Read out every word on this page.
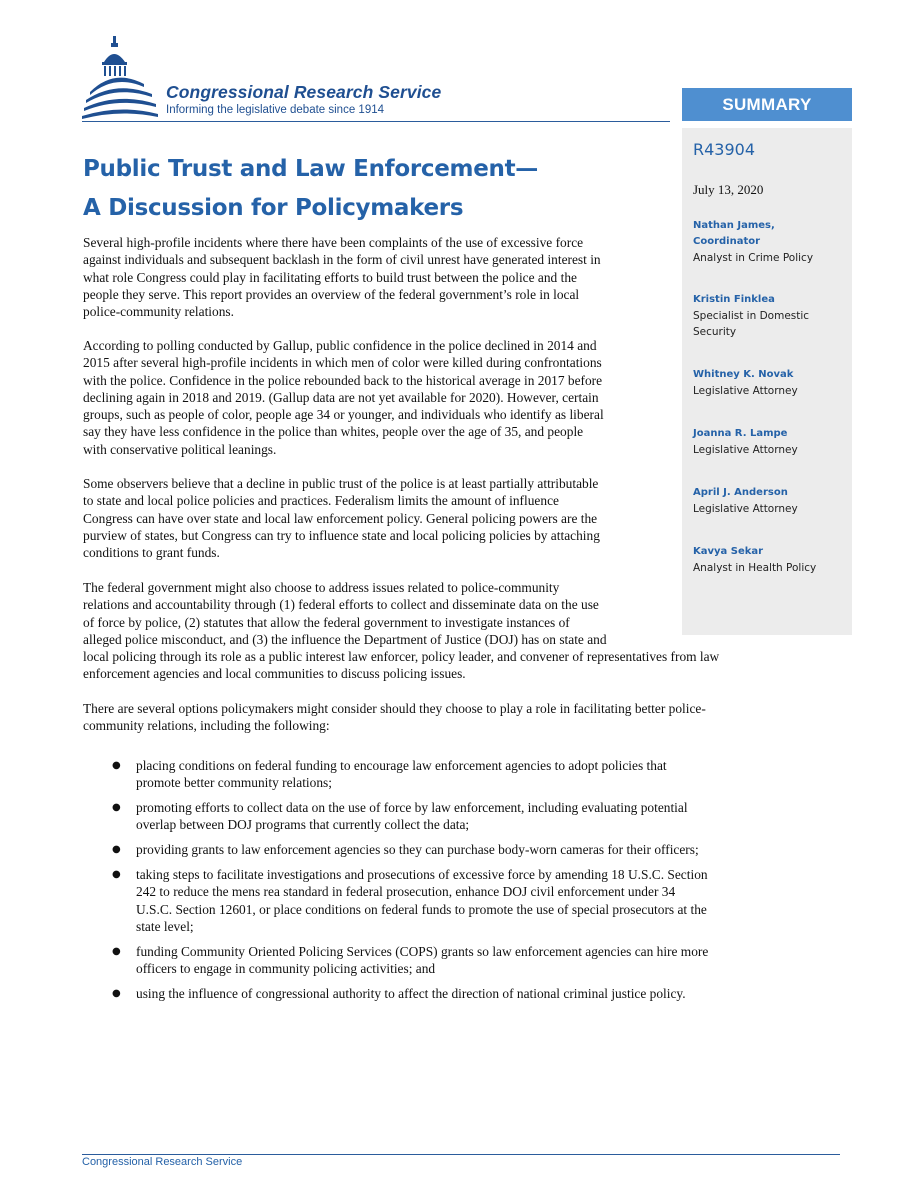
Congressional Research Service
Informing the legislative debate since 1914	SUMMARY
R43904
July 13, 2020
Nathan James,
Coordinator
Analyst in Crime Policy
Kristin Finklea
Specialist in Domestic
Security
Whitney K. Novak
Legislative Attorney
Joanna R. Lampe
Legislative Attorney
April J. Anderson
Legislative Attorney
Kavya Sekar
Analyst in Health Policy
Public Trust and Law Enforcement—
A Discussion for Policymakers
Several high-profile incidents where there have been complaints of the use of excessive force
against individuals and subsequent backlash in the form of civil unrest have generated interest in
what role Congress could play in facilitating efforts to build trust between the police and the
people they serve. This report provides an overview of the federal government’s role in local
police-community relations.
According to polling conducted by Gallup, public confidence in the police declined in 2014 and
2015 after several high-profile incidents in which men of color were killed during confrontations
with the police. Confidence in the police rebounded back to the historical average in 2017 before
declining again in 2018 and 2019. (Gallup data are not yet available for 2020). However, certain
groups, such as people of color, people age 34 or younger, and individuals who identify as liberal
say they have less confidence in the police than whites, people over the age of 35, and people
with conservative political leanings.
Some observers believe that a decline in public trust of the police is at least partially attributable
to state and local police policies and practices. Federalism limits the amount of influence
Congress can have over state and local law enforcement policy. General policing powers are the
purview of states, but Congress can try to influence state and local policing policies by attaching
conditions to grant funds.
The federal government might also choose to address issues related to police-community
relations and accountability through (1) federal efforts to collect and disseminate data on the use
of force by police, (2) statutes that allow the federal government to investigate instances of
alleged police misconduct, and (3) the influence the Department of Justice (DOJ) has on state and
local policing through its role as a public interest law enforcer, policy leader, and convener of representatives from law
enforcement agencies and local communities to discuss policing issues.
There are several options policymakers might consider should they choose to play a role in facilitating better police-
community relations, including the following:
● placing conditions on federal funding to encourage law enforcement agencies to adopt policies that
promote better community relations;
● promoting efforts to collect data on the use of force by law enforcement, including evaluating potential
overlap between DOJ programs that currently collect the data;
● providing grants to law enforcement agencies so they can purchase body-worn cameras for their officers;
● taking steps to facilitate investigations and prosecutions of excessive force by amending 18 U.S.C. Section
242 to reduce the mens rea standard in federal prosecution, enhance DOJ civil enforcement under 34
U.S.C. Section 12601, or place conditions on federal funds to promote the use of special prosecutors at the
state level;
● funding Community Oriented Policing Services (COPS) grants so law enforcement agencies can hire more
officers to engage in community policing activities; and
● using the influence of congressional authority to affect the direction of national criminal justice policy.
Congressional Research Service
